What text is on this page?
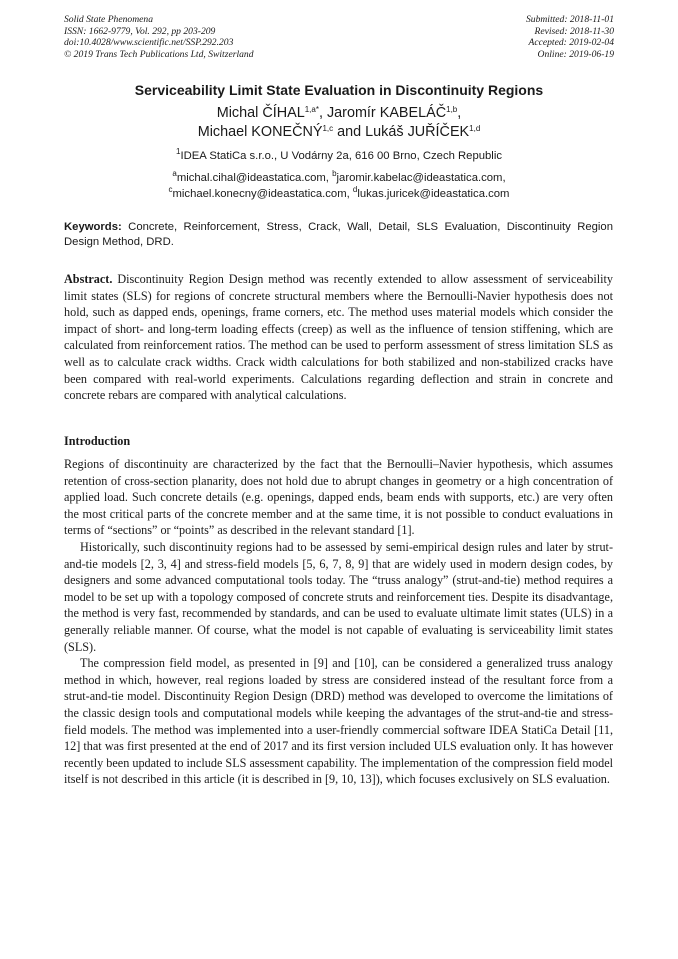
Solid State Phenomena
ISSN: 1662-9779, Vol. 292, pp 203-209
doi:10.4028/www.scientific.net/SSP.292.203
© 2019 Trans Tech Publications Ltd, Switzerland
Submitted: 2018-11-01
Revised: 2018-11-30
Accepted: 2019-02-04
Online: 2019-06-19
Serviceability Limit State Evaluation in Discontinuity Regions
Michal $ČÍHAL^{1,a*}$, Jaromír KABELÁČ$^{1,b}$,
Michael KONEČNÝ$^{1,c}$ and Lukáš JUŘÍČEK$^{1,d}$
$^1$IDEA StatiCa s.r.o., U Vodárny 2a, 616 00 Brno, Czech Republic
$^a$michal.cihal@ideastatica.com, $^b$jaromir.kabelac@ideastatica.com,
$^c$michael.konecny@ideastatica.com, $^d$lukas.juricek@ideastatica.com
Keywords: Concrete, Reinforcement, Stress, Crack, Wall, Detail, SLS Evaluation, Discontinuity Region Design Method, DRD.
Abstract. Discontinuity Region Design method was recently extended to allow assessment of serviceability limit states (SLS) for regions of concrete structural members where the Bernoulli-Navier hypothesis does not hold, such as dapped ends, openings, frame corners, etc. The method uses material models which consider the impact of short- and long-term loading effects (creep) as well as the influence of tension stiffening, which are calculated from reinforcement ratios. The method can be used to perform assessment of stress limitation SLS as well as to calculate crack widths. Crack width calculations for both stabilized and non-stabilized cracks have been compared with real-world experiments. Calculations regarding deflection and strain in concrete and concrete rebars are compared with analytical calculations.
Introduction

Regions of discontinuity are characterized by the fact that the Bernoulli–Navier hypothesis, which assumes retention of cross-section planarity, does not hold due to abrupt changes in geometry or a high concentration of applied load. Such concrete details (e.g. openings, dapped ends, beam ends with supports, etc.) are very often the most critical parts of the concrete member and at the same time, it is not possible to conduct evaluations in terms of “sections” or “points” as described in the relevant standard [1].

Historically, such discontinuity regions had to be assessed by semi-empirical design rules and later by strut-and-tie models [2, 3, 4] and stress-field models [5, 6, 7, 8, 9] that are widely used in modern design codes, by designers and some advanced computational tools today. The “truss analogy” (strut-and-tie) method requires a model to be set up with a topology composed of concrete struts and reinforcement ties. Despite its disadvantage, the method is very fast, recommended by standards, and can be used to evaluate ultimate limit states (ULS) in a generally reliable manner. Of course, what the model is not capable of evaluating is serviceability limit states (SLS).

The compression field model, as presented in [9] and [10], can be considered a generalized truss analogy method in which, however, real regions loaded by stress are considered instead of the resultant force from a strut-and-tie model. Discontinuity Region Design (DRD) method was developed to overcome the limitations of the classic design tools and computational models while keeping the advantages of the strut-and-tie and stress-field models. The method was implemented into a user-friendly commercial software IDEA StatiCa Detail [11, 12] that was first presented at the end of 2017 and its first version included ULS evaluation only. It has however recently been updated to include SLS assessment capability. The implementation of the compression field model itself is not described in this article (it is described in [9, 10, 13]), which focuses exclusively on SLS evaluation.
